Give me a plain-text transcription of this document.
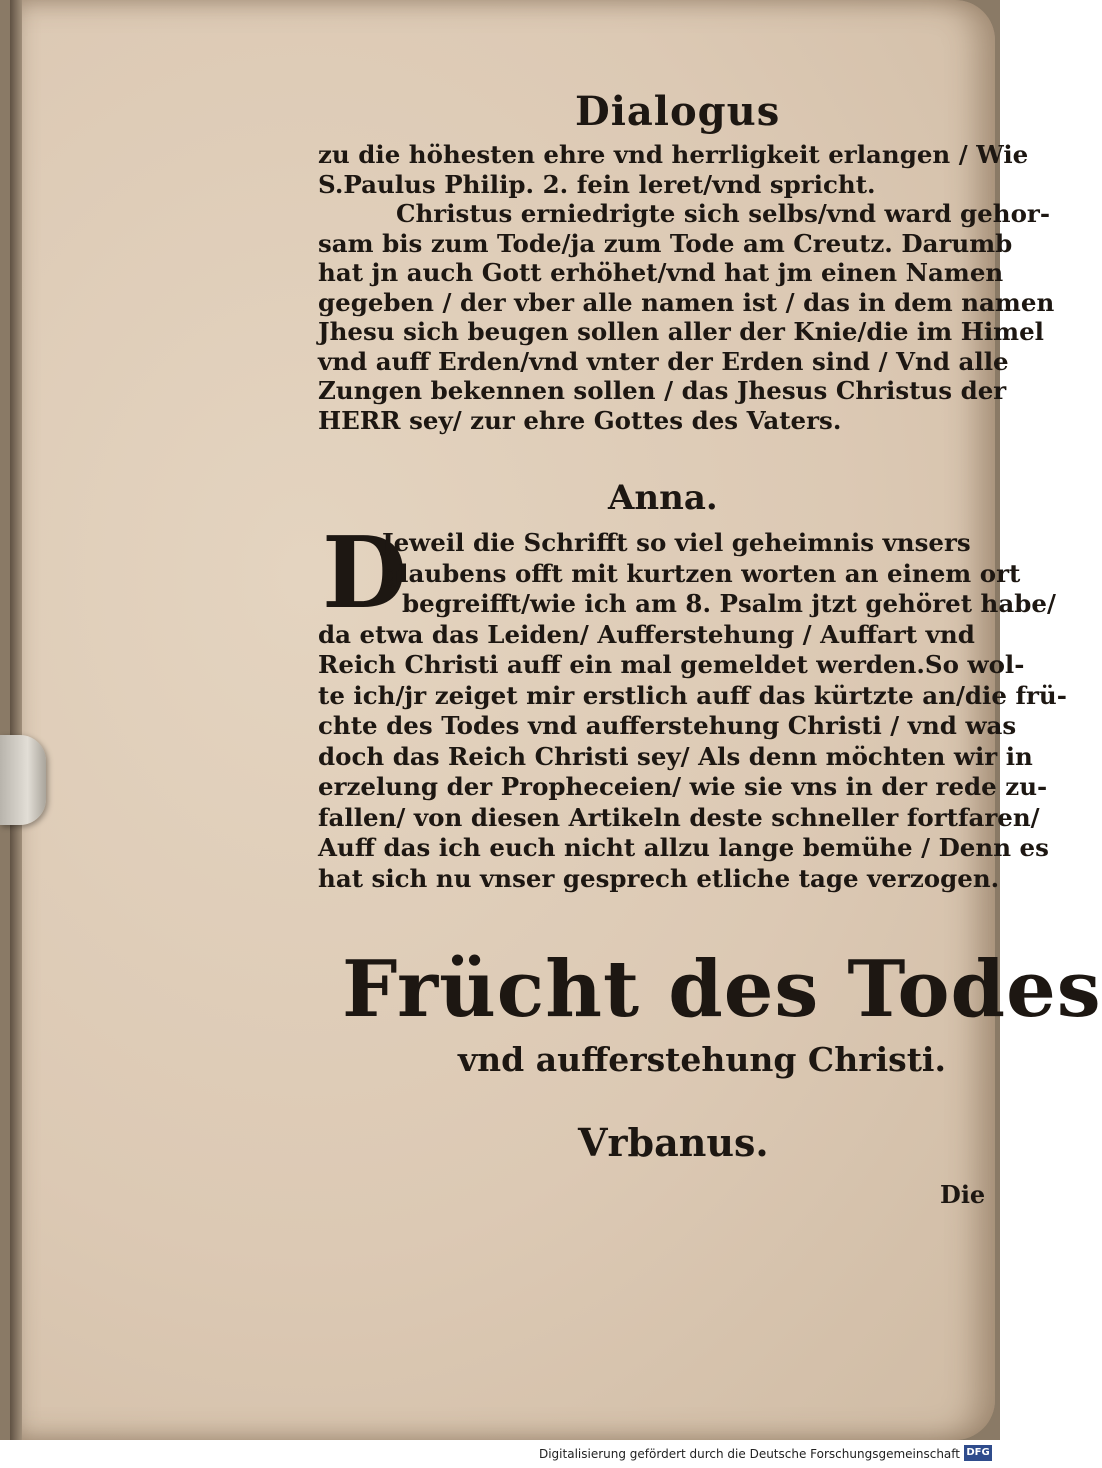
Dialogus
zu die höhesten ehre vnd herrligkeit erlangen / Wie
S.Paulus Philip. 2. fein leret/vnd spricht.
Christus erniedrigte sich selbs/vnd ward gehor-
sam bis zum Tode/ja zum Tode am Creutz. Darumb
hat jn auch Gott erhöhet/vnd hat jm einen Namen
gegeben / der vber alle namen ist / das in dem namen
Jhesu sich beugen sollen aller der Knie/die im Himel
vnd auff Erden/vnd vnter der Erden sind / Vnd alle
Zungen bekennen sollen / das Jhesus Christus der
HERR sey/ zur ehre Gottes des Vaters.
Anna.
D
Jeweil die Schrifft so viel geheimnis vnsers
glaubens offt mit kurtzen worten an einem ort
begreifft/wie ich am 8. Psalm jtzt gehöret habe/
da etwa das Leiden/ Aufferstehung / Auffart vnd
Reich Christi auff ein mal gemeldet werden.So wol-
te ich/jr zeiget mir erstlich auff das kürtzte an/die frü-
chte des Todes vnd aufferstehung Christi / vnd was
doch das Reich Christi sey/ Als denn möchten wir in
erzelung der Propheceien/ wie sie vns in der rede zu-
fallen/ von diesen Artikeln deste schneller fortfaren/
Auff das ich euch nicht allzu lange bemühe / Denn es
hat sich nu vnser gesprech etliche tage verzogen.
Frücht des Todes
vnd aufferstehung Christi.
Vrbanus.
Die
Digitalisierung gefördert durch die Deutsche Forschungsgemeinschaft DFG
